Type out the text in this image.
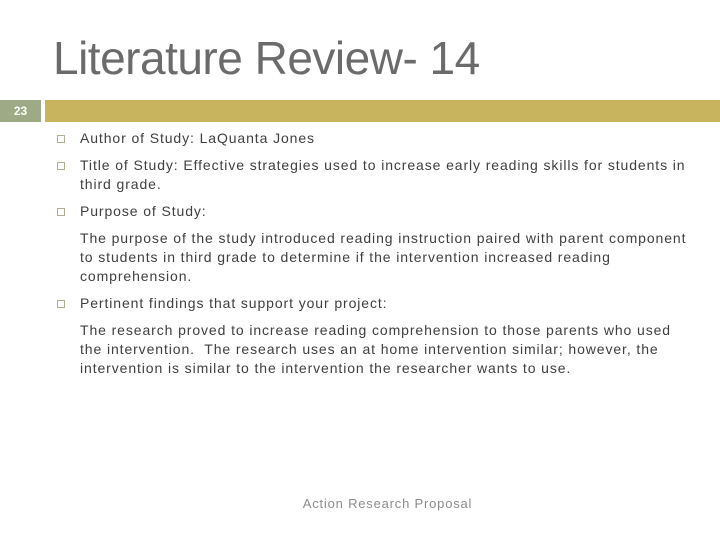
Literature Review- 14
23
Author of Study: LaQuanta Jones
Title of Study: Effective strategies used to increase early reading skills for students in third grade.
Purpose of Study:
The purpose of the study introduced reading instruction paired with parent component to students in third grade to determine if the intervention increased reading comprehension.
Pertinent findings that support your project:
The research proved to increase reading comprehension to those parents who used the intervention.  The research uses an at home intervention similar; however, the intervention is similar to the intervention the researcher wants to use.
Action Research Proposal
